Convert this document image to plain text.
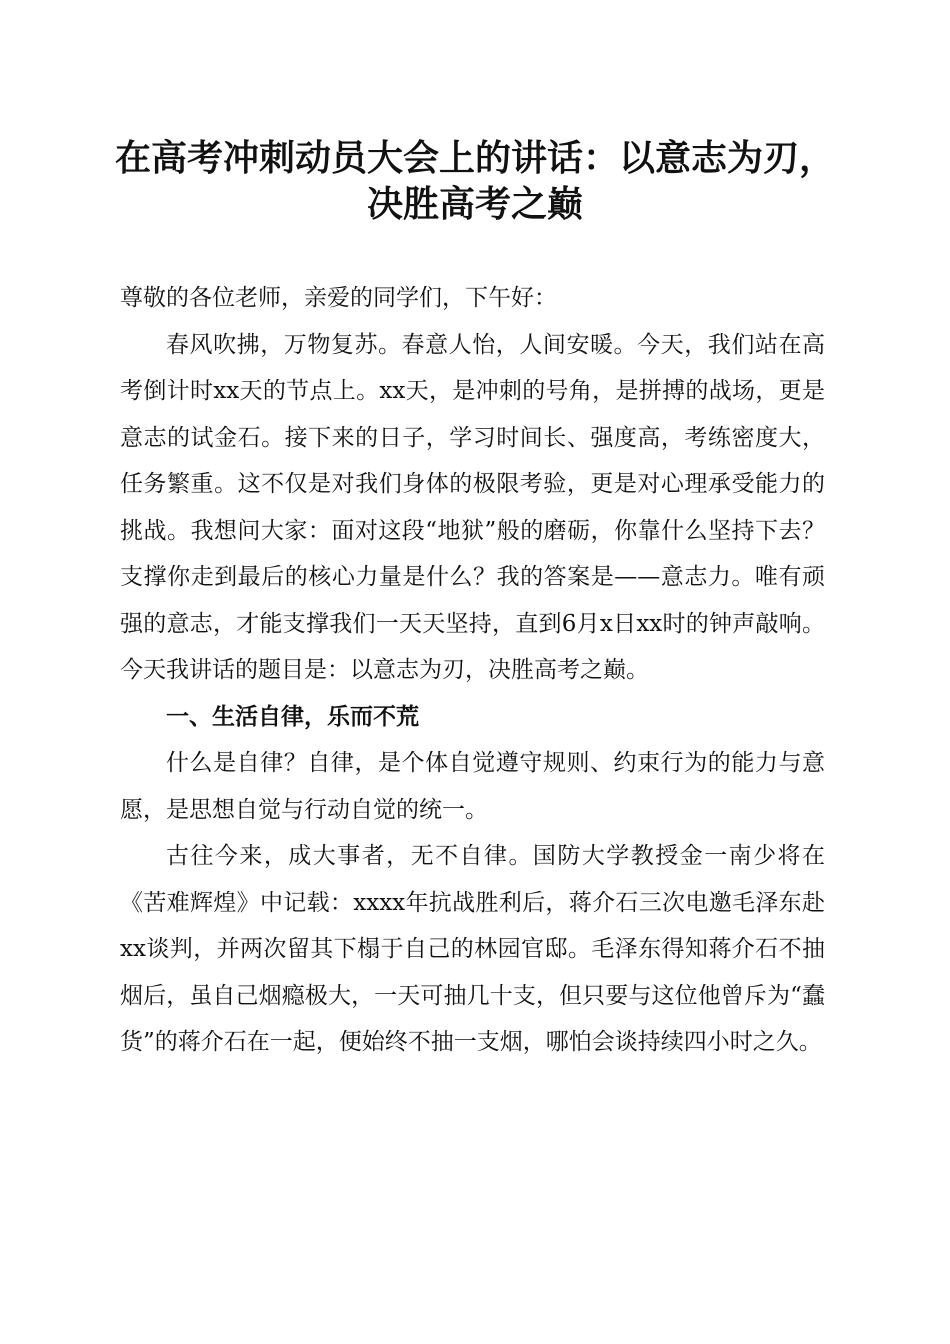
在高考冲刺动员大会上的讲话：以意志为刃，
决胜高考之巅

尊敬的各位老师，亲爱的同学们，下午好：

春风吹拂，万物复苏。春意人怡，人间安暖。今天，我们站在高考倒计时xx天的节点上。xx天，是冲刺的号角，是拼搏的战场，更是意志的试金石。接下来的日子，学习时间长、强度高，考练密度大，任务繁重。这不仅是对我们身体的极限考验，更是对心理承受能力的挑战。我想问大家：面对这段“地狱”般的磨砺，你靠什么坚持下去？支撑你走到最后的核心力量是什么？我的答案是——意志力。唯有顽强的意志，才能支撑我们一天天坚持，直到6月x日xx时的钟声敲响。今天我讲话的题目是：以意志为刃，决胜高考之巅。

一、生活自律，乐而不荒

什么是自律？自律，是个体自觉遵守规则、约束行为的能力与意愿，是思想自觉与行动自觉的统一。

古往今来，成大事者，无不自律。国防大学教授金一南少将在《苦难辉煌》中记载：xxxx年抗战胜利后，蒋介石三次电邀毛泽东赴xx谈判，并两次留其下榻于自己的林园官邸。毛泽东得知蒋介石不抽烟后，虽自己烟瘾极大，一天可抽几十支，但只要与这位他曾斥为“蠢货”的蒋介石在一起，便始终不抽一支烟，哪怕会谈持续四小时之久。
